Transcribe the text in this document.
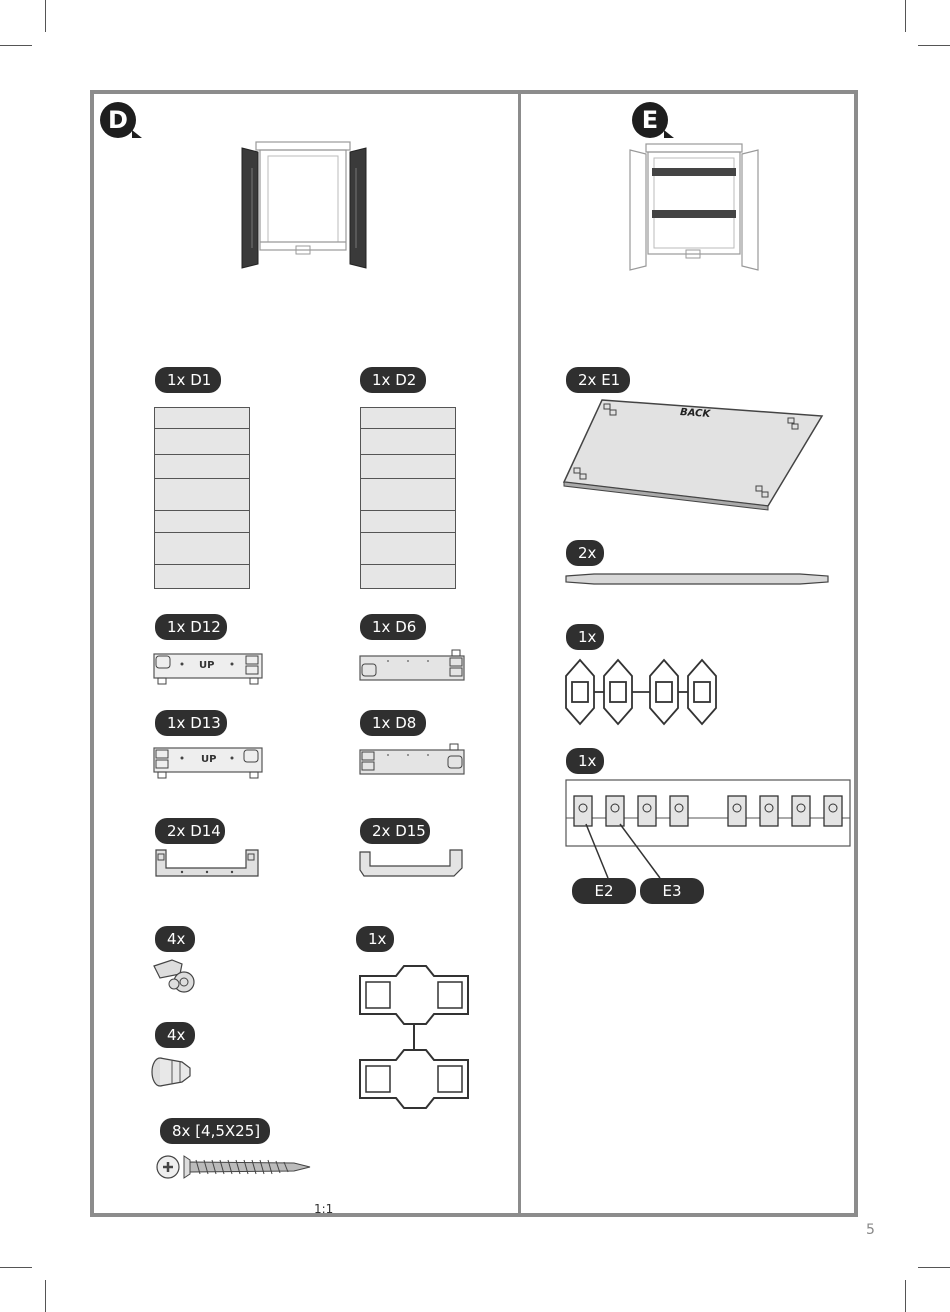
D
1x D1	1x D2
1x D12
UP
1x D6
1x D13
UP
1x D8
2x D14	2x D15
4x
4x
1x
8x [4,5X25]
1:1
E
2x E1
BACK
2x
1x
1x
E2	E3
5
